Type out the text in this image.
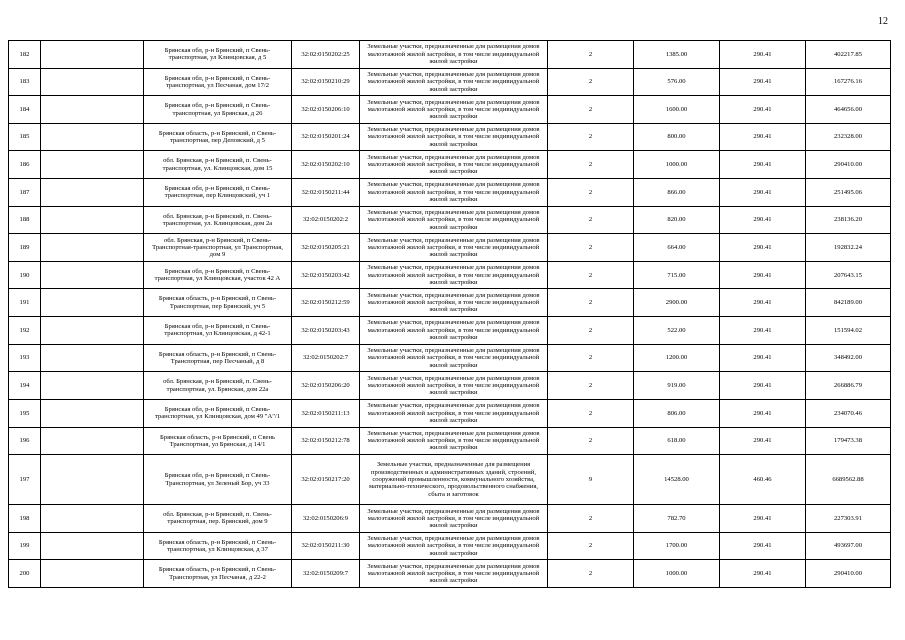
12
182		Брянская обл, р-н Брянский, п Свень-транспортная, ул Клинцовская, д 5	32:02:0150202:25	Земельные участки, предназначенные для размещения домов малоэтажной жилой застройки, в том числе индивидуальной жилой застройки	2	1385.00	290.41	402217.85
183		Брянская обл, р-н Брянский, п Свень-транспортная, ул Песчаная, дом 17/2	32:02:0150210:29	Земельные участки, предназначенные для размещения домов малоэтажной жилой застройки, в том числе индивидуальной жилой застройки	2	576.00	290.41	167276.16
184		Брянская обл, р-н Брянский, п Свень-транспортная, ул Брянская, д 26	32:02:0150206:10	Земельные участки, предназначенные для размещения домов малоэтажной жилой застройки, в том числе индивидуальной жилой застройки	2	1600.00	290.41	464656.00
185		Брянская область, р-н Брянский, п Свень-транспортная, пер Деповский, д 5	32:02:0150201:24	Земельные участки, предназначенные для размещения домов малоэтажной жилой застройки, в том числе индивидуальной жилой застройки	2	800.00	290.41	232328.00
186		обл. Брянская, р-н Брянский, п. Свень-транспортная, ул. Клинцовская, дом 15	32:02:0150202:10	Земельные участки, предназначенные для размещения домов малоэтажной жилой застройки, в том числе индивидуальной жилой застройки	2	1000.00	290.41	290410.00
187		Брянская обл, р-н Брянский, п Свень-транспортная, пер Клинцовский, уч 1	32:02:0150211:44	Земельные участки, предназначенные для размещения домов малоэтажной жилой застройки, в том числе индивидуальной жилой застройки	2	866.00	290.41	251495.06
188		обл. Брянская, р-н Брянский, п. Свень-транспортная, ул. Клинцовская, дом 2а	32:02:0150202:2	Земельные участки, предназначенные для размещения домов малоэтажной жилой застройки, в том числе индивидуальной жилой застройки	2	820.00	290.41	238136.20
189		обл. Брянская, р-н Брянский, п Свень-Транспортная-транспортная, ул Транспортная, дом 9	32:02:0150205:21	Земельные участки, предназначенные для размещения домов малоэтажной жилой застройки, в том числе индивидуальной жилой застройки	2	664.00	290.41	192832.24
190		Брянская обл, р-н Брянский, п Свень-транспортная, ул Клинцовская, участок 42 А	32:02:0150203:42	Земельные участки, предназначенные для размещения домов малоэтажной жилой застройки, в том числе индивидуальной жилой застройки	2	715.00	290.41	207643.15
191		Брянская область, р-н Брянский, п Свень-Транспортная, пер Брянский, уч 5	32:02:0150212:59	Земельные участки, предназначенные для размещения домов малоэтажной жилой застройки, в том числе индивидуальной жилой застройки	2	2900.00	290.41	842189.00
192		Брянская обл, р-н Брянский, п Свень-транспортная, ул Клинцовская, д 42-1	32:02:0150203:43	Земельные участки, предназначенные для размещения домов малоэтажной жилой застройки, в том числе индивидуальной жилой застройки	2	522.00	290.41	151594.02
193		Брянская область, р-н Брянский, п Свень-Транспортная, пер Песчаный, д 8	32:02:0150202:7	Земельные участки, предназначенные для размещения домов малоэтажной жилой застройки, в том числе индивидуальной жилой застройки	2	1200.00	290.41	348492.00
194		обл. Брянская, р-н Брянский, п. Свень-транспортная, ул. Брянская, дом 22а	32:02:0150206:20	Земельные участки, предназначенные для размещения домов малоэтажной жилой застройки, в том числе индивидуальной жилой застройки	2	919.00	290.41	266886.79
195		Брянская обл, р-н Брянский, п Свень-транспортная, ул Клинцовская, дом 49 "А"/1	32:02:0150211:13	Земельные участки, предназначенные для размещения домов малоэтажной жилой застройки, в том числе индивидуальной жилой застройки	2	806.00	290.41	234070.46
196		Брянская область, р-н Брянский, п Свень Транспортная, ул Брянская, д 14/1	32:02:0150212:78	Земельные участки, предназначенные для размещения домов малоэтажной жилой застройки, в том числе индивидуальной жилой застройки	2	618.00	290.41	179473.38
197		Брянская обл, р-н Брянский, п Свень-Транспортная, ул Зеленый Бор, уч 33	32:02:0150217:20	Земельные участки, предназначенные для размещения производственных и административных зданий, строений, сооружений промышленности, коммунального хозяйства, материально-технического, продовольственного снабжения, сбыта и заготовок	9	14528.00	460.46	6689562.88
198		обл. Брянская, р-н Брянский, п. Свень-транспортная, пер. Брянский, дом 9	32:02:0150206:9	Земельные участки, предназначенные для размещения домов малоэтажной жилой застройки, в том числе индивидуальной жилой застройки	2	782.70	290.41	227303.91
199		Брянская область, р-н Брянский, п Свень-транспортная, ул Клинцовская, д 37	32:02:0150211:30	Земельные участки, предназначенные для размещения домов малоэтажной жилой застройки, в том числе индивидуальной жилой застройки	2	1700.00	290.41	493697.00
200		Брянская область, р-н Брянский, п Свень-Транспортная, ул Песчаная, д 22-2	32:02:0150209:7	Земельные участки, предназначенные для размещения домов малоэтажной жилой застройки, в том числе индивидуальной жилой застройки	2	1000.00	290.41	290410.00
